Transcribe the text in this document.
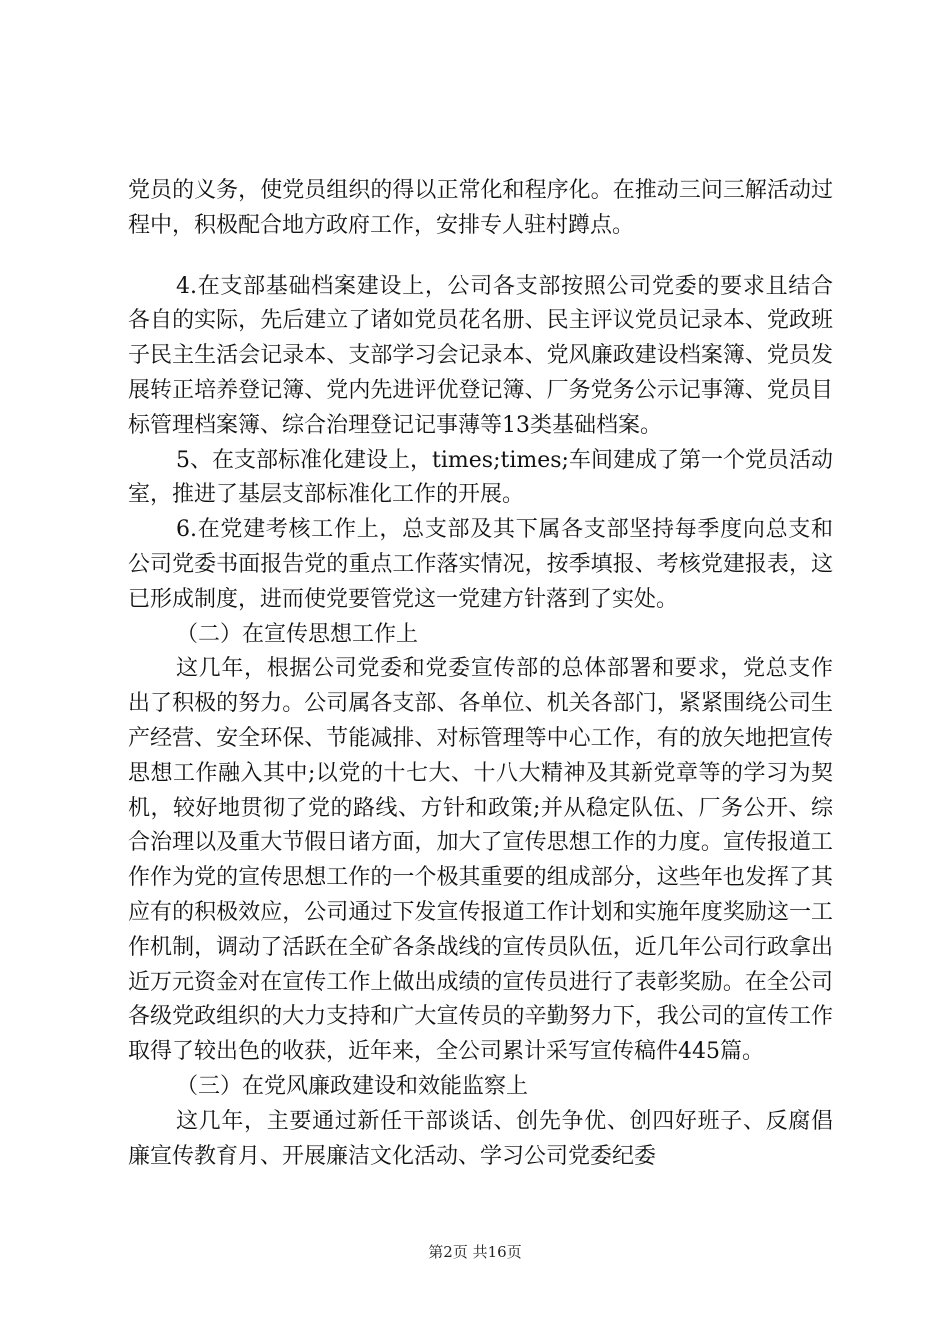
党员的义务，使党员组织的得以正常化和程序化。在推动三问三解活动过程中，积极配合地方政府工作，安排专人驻村蹲点。

4.在支部基础档案建设上，公司各支部按照公司党委的要求且结合各自的实际，先后建立了诸如党员花名册、民主评议党员记录本、党政班子民主生活会记录本、支部学习会记录本、党风廉政建设档案簿、党员发展转正培养登记簿、党内先进评优登记簿、厂务党务公示记事簿、党员目标管理档案簿、综合治理登记记事薄等13类基础档案。

5、在支部标准化建设上，times;times;车间建成了第一个党员活动室，推进了基层支部标准化工作的开展。

6.在党建考核工作上，总支部及其下属各支部坚持每季度向总支和公司党委书面报告党的重点工作落实情况，按季填报、考核党建报表，这已形成制度，进而使党要管党这一党建方针落到了实处。

（二）在宣传思想工作上

这几年，根据公司党委和党委宣传部的总体部署和要求，党总支作出了积极的努力。公司属各支部、各单位、机关各部门，紧紧围绕公司生产经营、安全环保、节能减排、对标管理等中心工作，有的放矢地把宣传思想工作融入其中;以党的十七大、十八大精神及其新党章等的学习为契机，较好地贯彻了党的路线、方针和政策;并从稳定队伍、厂务公开、综合治理以及重大节假日诸方面，加大了宣传思想工作的力度。宣传报道工作作为党的宣传思想工作的一个极其重要的组成部分，这些年也发挥了其应有的积极效应，公司通过下发宣传报道工作计划和实施年度奖励这一工作机制，调动了活跃在全矿各条战线的宣传员队伍，近几年公司行政拿出近万元资金对在宣传工作上做出成绩的宣传员进行了表彰奖励。在全公司各级党政组织的大力支持和广大宣传员的辛勤努力下，我公司的宣传工作取得了较出色的收获，近年来，全公司累计采写宣传稿件445篇。

（三）在党风廉政建设和效能监察上

这几年，主要通过新任干部谈话、创先争优、创四好班子、反腐倡廉宣传教育月、开展廉洁文化活动、学习公司党委纪委

第2页 共16页
